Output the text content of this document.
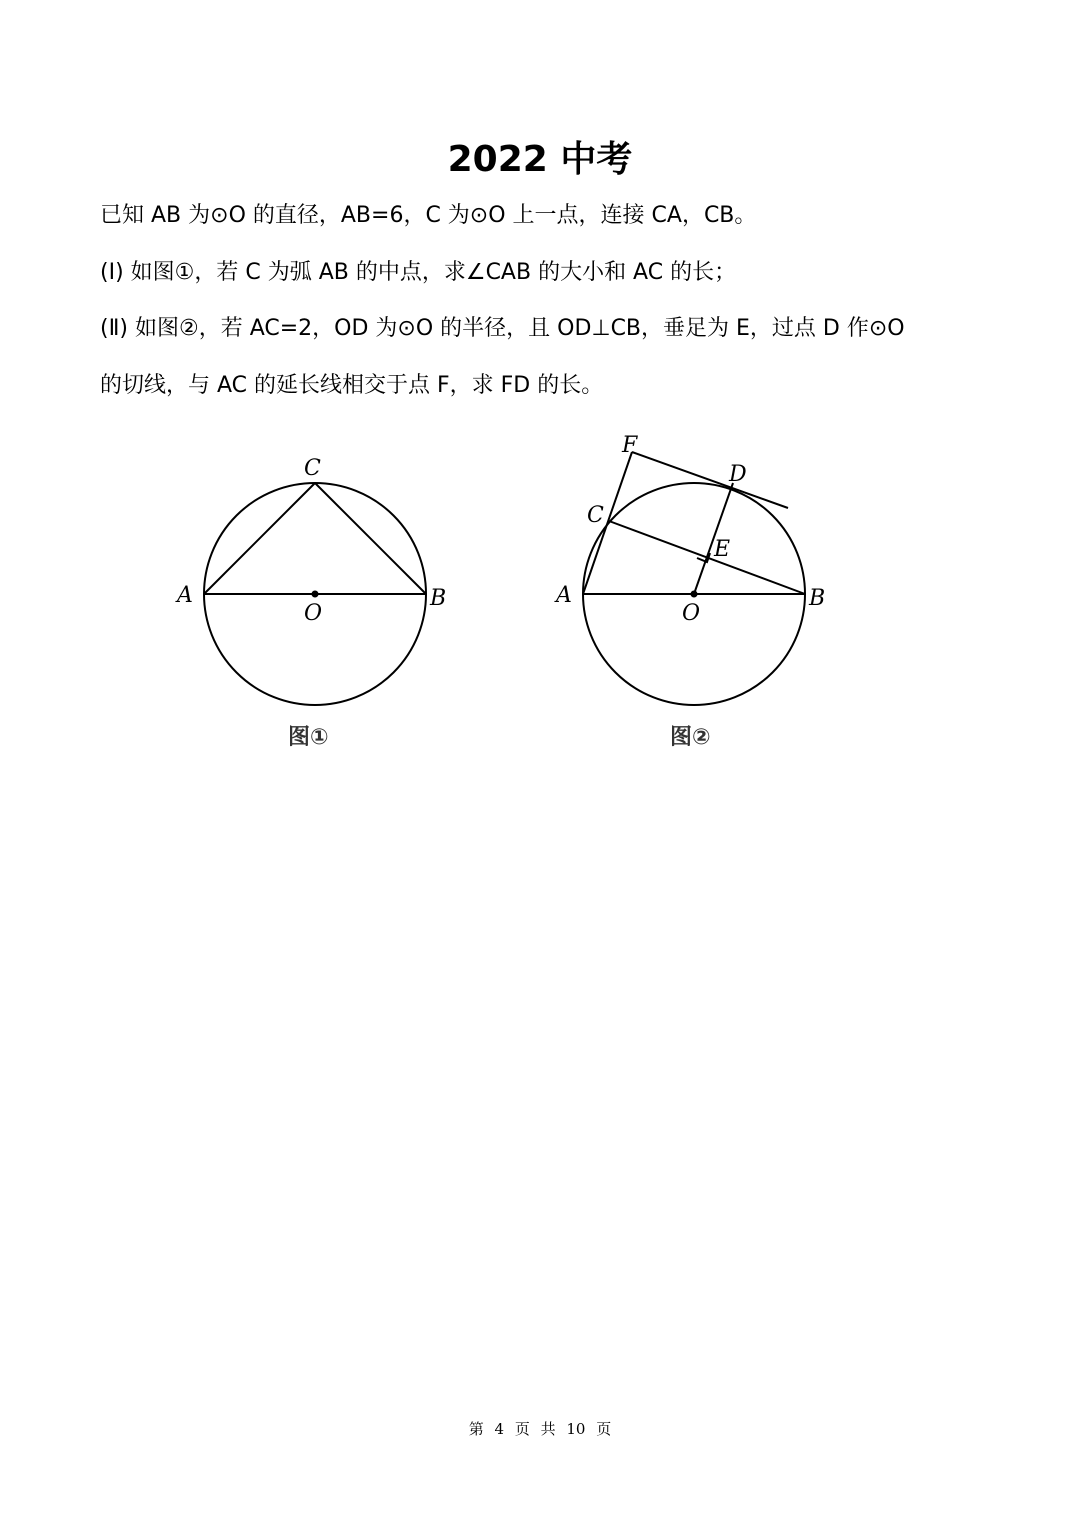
2022 中考
已知 AB 为⊙O 的直径，AB=6，C 为⊙O 上一点，连接 CA，CB。
(Ⅰ) 如图①，若 C 为弧 AB 的中点，求∠CAB 的大小和 AC 的长；
(Ⅱ) 如图②，若 AC=2，OD 为⊙O 的半径，且 OD⊥CB，垂足为 E，过点 D 作⊙O
的切线，与 AC 的延长线相交于点 F，求 FD 的长。
A	B
C
O
图①
A	B
C
D
E
F
O
图②
第 4 页 共 10 页
